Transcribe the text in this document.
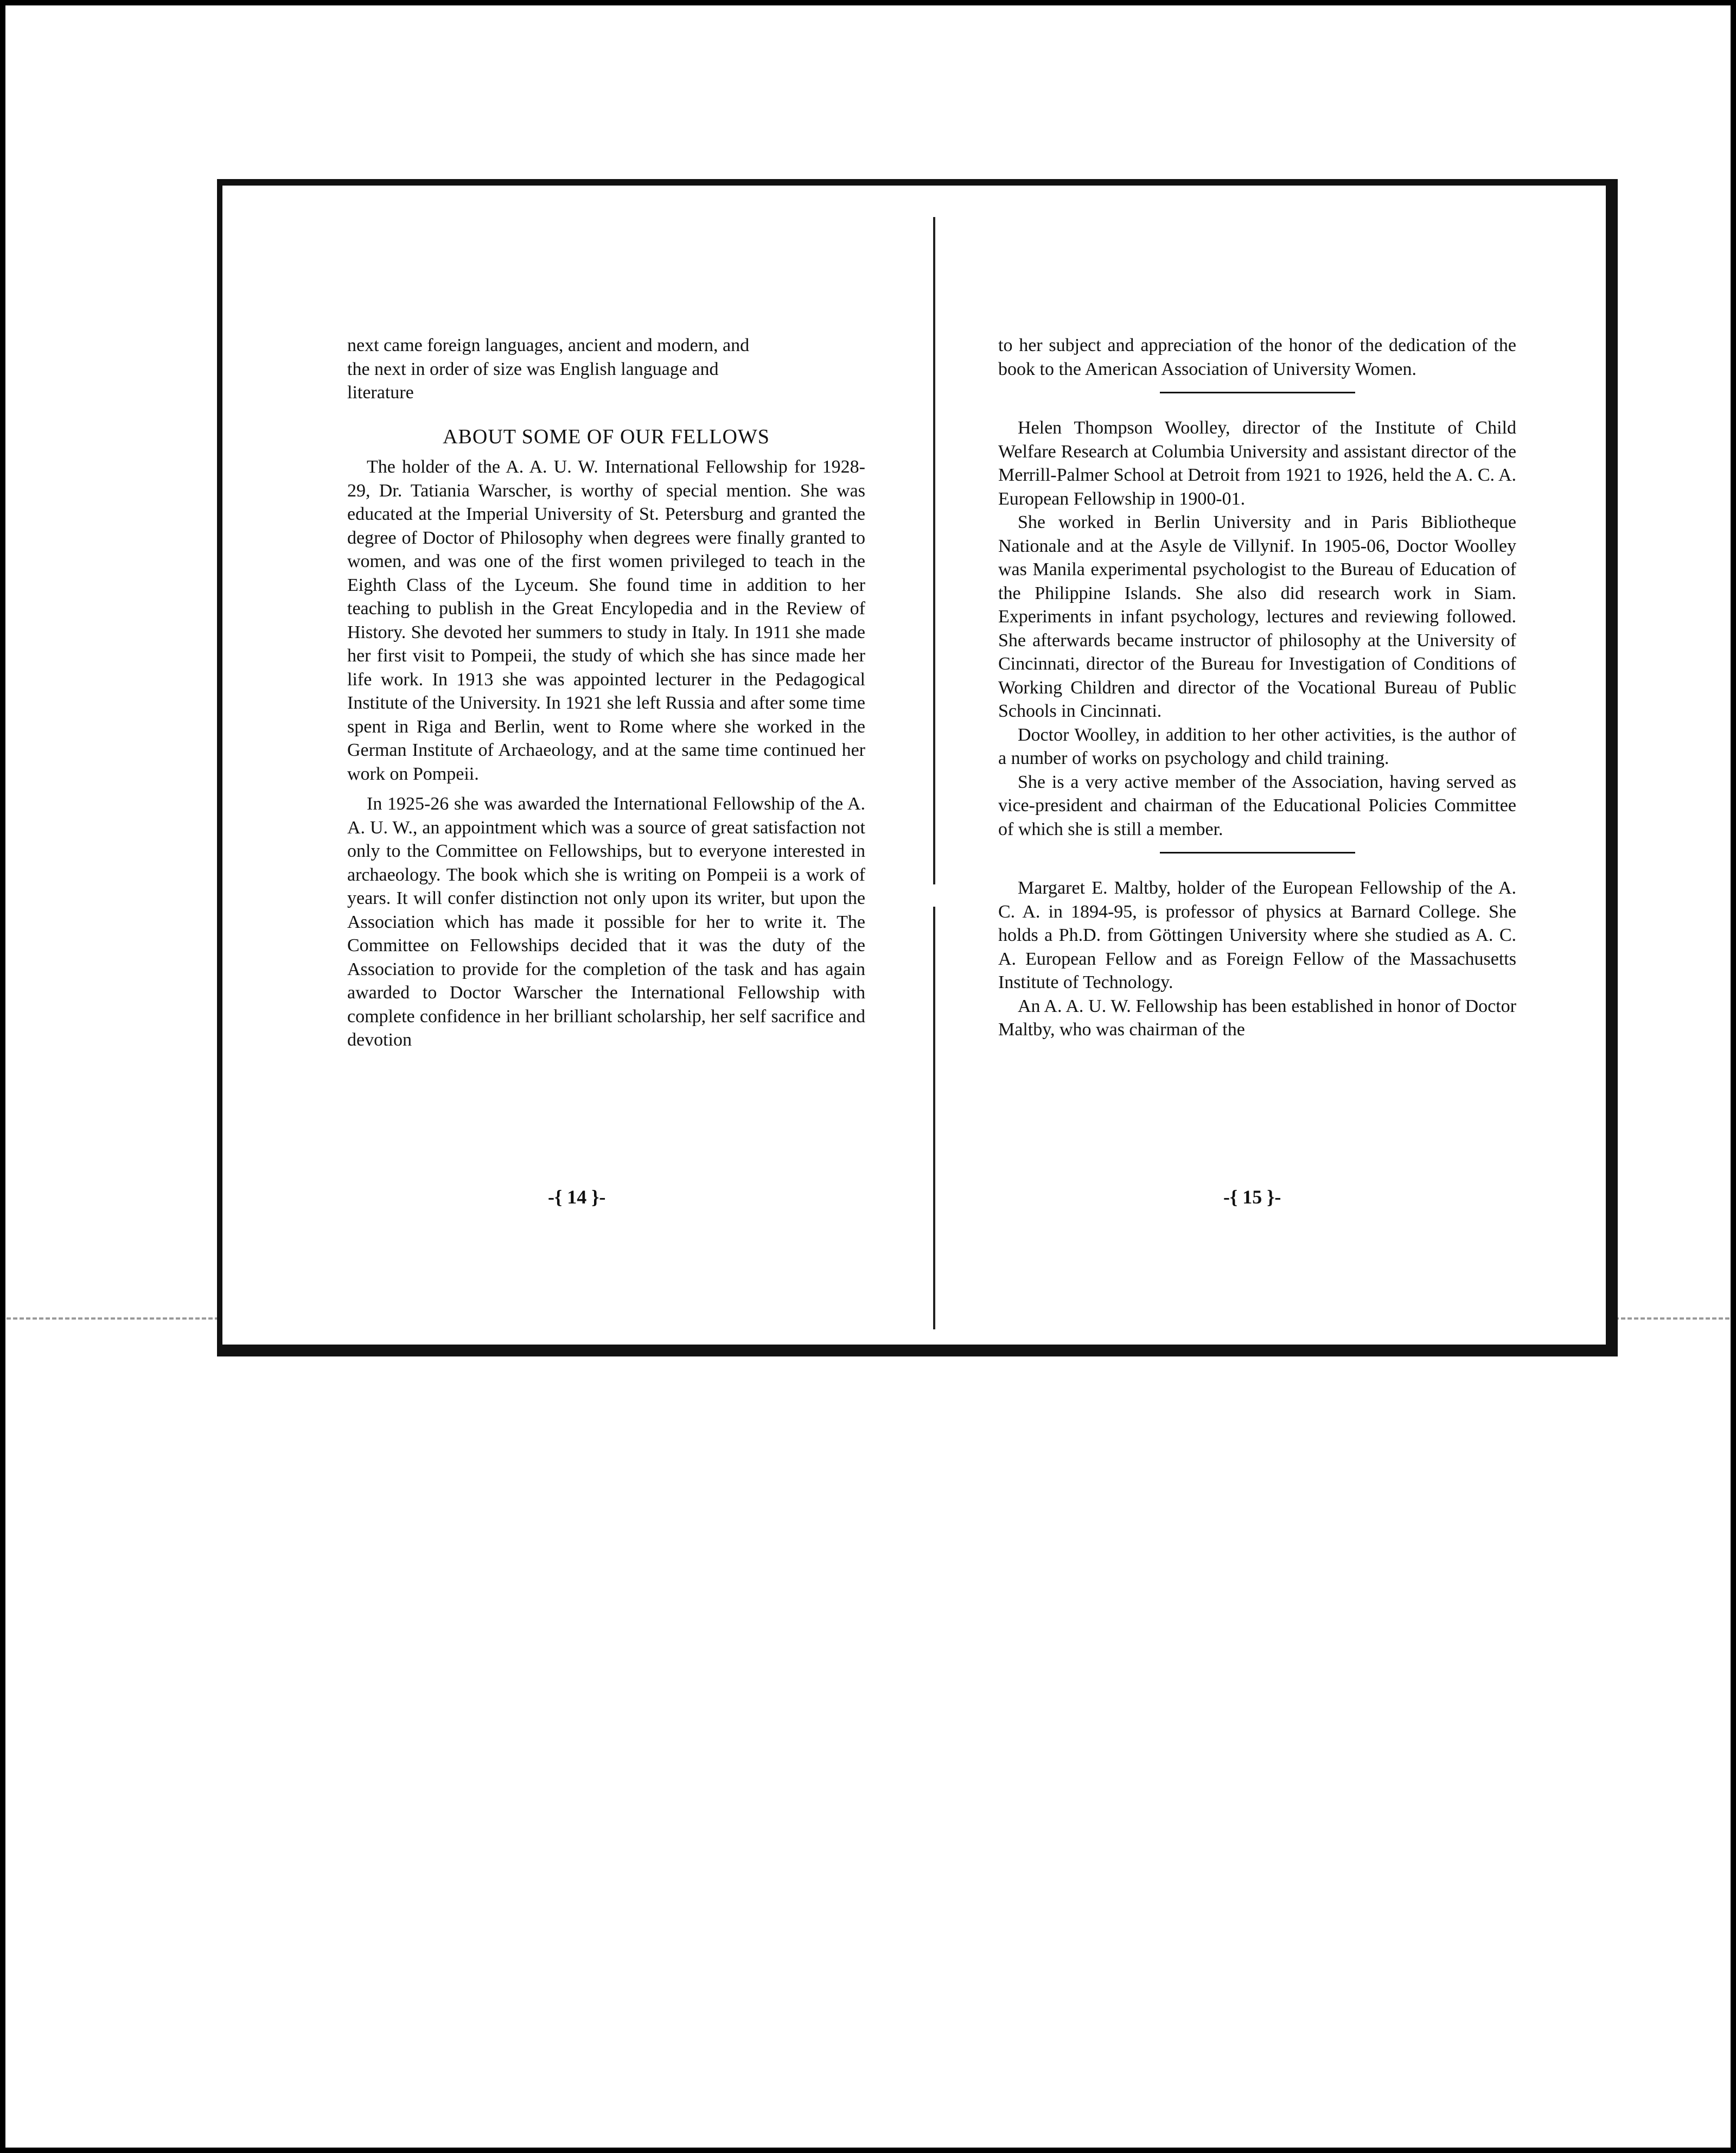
next came foreign languages, ancient and modern, and

the next in order of size was English language and

literature

ABOUT SOME OF OUR FELLOWS

The holder of the A. A. U. W. International Fellowship for 1928-29, Dr. Tatiania Warscher, is worthy of special mention. She was educated at the Imperial University of St. Petersburg and granted the degree of Doctor of Philosophy when degrees were finally granted to women, and was one of the first women privileged to teach in the Eighth Class of the Lyceum. She found time in addition to her teaching to publish in the Great Encylopedia and in the Review of History. She devoted her summers to study in Italy. In 1911 she made her first visit to Pompeii, the study of which she has since made her life work. In 1913 she was appointed lecturer in the Pedagogical Institute of the University. In 1921 she left Russia and after some time spent in Riga and Berlin, went to Rome where she worked in the German Institute of Archaeology, and at the same time continued her work on Pompeii.

In 1925-26 she was awarded the International Fellowship of the A. A. U. W., an appointment which was a source of great satisfaction not only to the Committee on Fellowships, but to everyone interested in archaeology. The book which she is writing on Pompeii is a work of years. It will confer distinction not only upon its writer, but upon the Association which has made it possible for her to write it. The Committee on Fellowships decided that it was the duty of the Association to provide for the completion of the task and has again awarded to Doctor Warscher the International Fellowship with complete confidence in her brilliant scholarship, her self sacrifice and devotion

-{ 14 }-

to her subject and appreciation of the honor of the dedication of the book to the American Association of University Women.

Helen Thompson Woolley, director of the Institute of Child Welfare Research at Columbia University and assistant director of the Merrill-Palmer School at Detroit from 1921 to 1926, held the A. C. A. European Fellowship in 1900-01.

She worked in Berlin University and in Paris Bibliotheque Nationale and at the Asyle de Villynif. In 1905-06, Doctor Woolley was Manila experimental psychologist to the Bureau of Education of the Philippine Islands. She also did research work in Siam. Experiments in infant psychology, lectures and reviewing followed. She afterwards became instructor of philosophy at the University of Cincinnati, director of the Bureau for Investigation of Conditions of Working Children and director of the Vocational Bureau of Public Schools in Cincinnati.

Doctor Woolley, in addition to her other activities, is the author of a number of works on psychology and child training.

She is a very active member of the Association, having served as vice-president and chairman of the Educational Policies Committee of which she is still a member.

Margaret E. Maltby, holder of the European Fellowship of the A. C. A. in 1894-95, is professor of physics at Barnard College. She holds a Ph.D. from Göttingen University where she studied as A. C. A. European Fellow and as Foreign Fellow of the Massachusetts Institute of Technology.

An A. A. U. W. Fellowship has been established in honor of Doctor Maltby, who was chairman of the

-{ 15 }-
